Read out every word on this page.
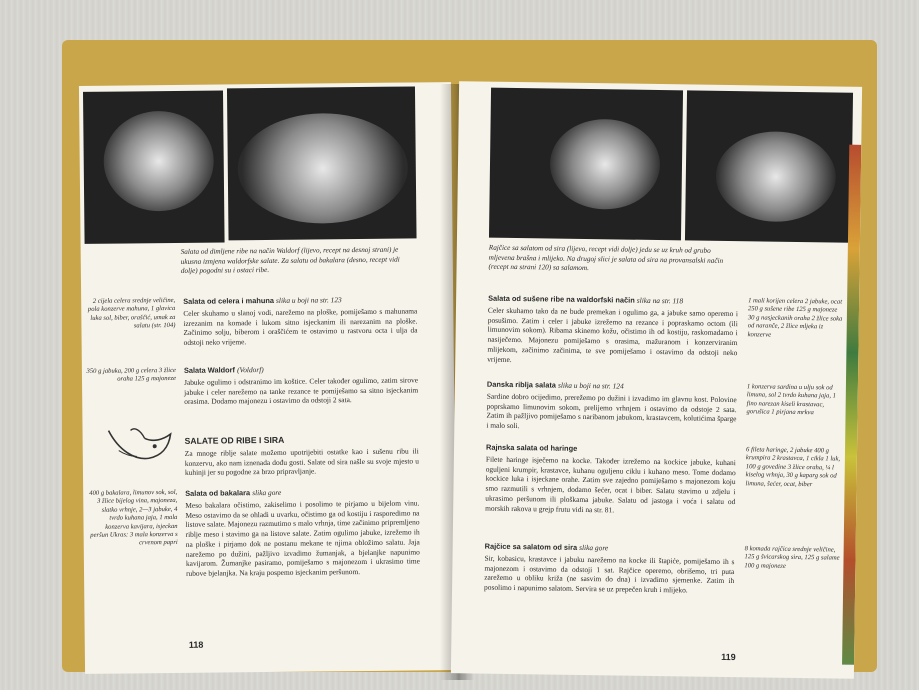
Salata od dimljene ribe na način Waldorf (lijevo, recept na desnoj strani) je ukusna izmjena waldorfske salate. Za salatu od bakalara (desno, recept vidi dolje) pogodni su i ostaci ribe.
2 cijela celera srednje veličine, pola konzerve mahuna, 1 glavica luka sol, biber, oraščić, umak za salatu (str. 104)
Salata od celera i mahuna slika u boji na str. 123
Celer skuhamo u slanoj vodi, narežemo na ploške, pomiješamo s mahunama izrezanim na komade i lukom sitno isjeckanim ili narezanim na ploške. Začinimo solju, biberom i oraščićem te ostavimo u rastvoru octa i ulja da odstoji neko vrijeme.
350 g jabuka, 200 g celera 3 žlice oraha 125 g majoneze
Salata Waldorf (Voldorf)
Jabuke ogulimo i odstranimo im koštice. Celer također ogulimo, zatim sirove jabuke i celer narežemo na tanke rezance te pomiješamo sa sitno isjeckanim orasima. Dodamo majonezu i ostavimo da odstoji 2 sata.
SALATE OD RIBE I SIRA
Za mnoge riblje salate možemo upotrijebiti ostatke kao i sušenu ribu ili konzervu, ako nam iznenada dođu gosti. Salate od sira našle su svoje mjesto u kuhinji jer su pogodne za brzo pripravljanje.
400 g bakalara, limunov sok, sol, 3 žlice bijelog vina, majoneza, slatko vrhnje, 2—3 jabuke, 4 tvrdo kuhana jaja, 1 mala konzerva kavijara, isjeckan peršun Ukras: 3 mala konzerva s crvenom papri
Salata od bakalara slika gore
Meso bakalara očistimo, zakiselimo i posolimo te pirjamo u bijelom vinu. Meso ostavimo da se ohladi u uvarku, očistimo ga od kostiju i rasporedimo na listove salate. Majonezu razmutimo s malo vrhnja, time začinimo pripremljeno riblje meso i stavimo ga na listove salate. Zatim ogulimo jabuke, izrežemo ih na ploške i pirjamo dok ne postanu mekane te njima obložimo salatu. Jaja narežemo po dužini, pažljivo izvadimo žumanjak, a bjelanjke napunimo kavijarom. Žumanjke pasiramo, pomiješamo s majonezom i ukrasimo time rubove bjelanjka. Na kraju pospemo isjeckanim peršunom.
118
Rajčice sa salatom od sira (lijevo, recept vidi dolje) jedu se uz kruh od grubo mljevena brašna i mlijeko. Na drugoj slici je salata od sira na provansalski način (recept na strani 120) sa salamom.
Salata od sušene ribe na waldorfski način slika na str. 118
Celer skuhamo tako da ne bude premekan i ogulimo ga, a jabuke samo operemo i posušimo. Zatim i celer i jabuke izrežemo na rezance i popraskamo octom (ili limunovim sokom). Ribama skinemo kožu, očistimo ih od kostiju, raskomadamo i nasiječemo. Majonezu pomiješamo s orasima, mažuranom i konzerviranim mlijekom, začinimo začinima, te sve pomiješamo i ostavimo da odstoji neko vrijeme.
1 mali korijen celera 2 jabuke, ocat 250 g sušene ribe 125 g majoneze 30 g nasjeckanih oraha 2 žlice soka od naranče, 2 žlice mljeka iz konzerve
Danska riblja salata slika u boji na str. 124
Sardine dobro ocijedimo, prerežemo po dužini i izvadimo im glavnu kost. Polovine poprskamo limunovim sokom, prelijemo vrhnjem i ostavimo da odstoje 2 sata. Zatim ih pažljivo pomiješamo s naribanom jabukom, krastavcem, kolutićima šparge i malo soli.
1 konzerva sardina u ulju sok od limuna, sol 2 tvrdo kuhana jaja, 1 fino narezan kiseli krastavac, gorušica 1 pirjana mrkva
Rajnska salata od haringe
Filete haringe isječemo na kocke. Također izrežemo na kockice jabuke, kuhani oguljeni krumpir, krastavce, kuhanu oguljenu ciklu i kuhano meso. Tome dodamo kockice luka i isjeckane orahe. Zatim sve zajedno pomiješamo s majonezom koju smo razmutili s vrhnjem, dodamo šećer, ocat i biber. Salatu stavimo u zdjelu i ukrasimo peršunom ili ploškama jabuke. Salatu od jastoga i voća i salatu od morskih rakova u grejp frutu vidi na str. 81.
6 fileta haringe, 2 jabuke 400 g krumpira 2 krastavca, 1 cikla 1 luk, 100 g govedine 3 žlice oraha, ¼ l kiselog vrhnja, 30 g kaparg sok od limuna, šećer, ocat, biber
Rajčice sa salatom od sira slika gore
Sir, kobasicu, krastavce i jabuku narežemo na kocke ili štapiće, pomiješamo ih s majonezom i ostavimo da odstoji 1 sat. Rajčice operemo, obrišemo, tri puta zarežemo u obliku križa (ne sasvim do dna) i izvadimo sjemenke. Zatim ih posolimo i napunimo salatom. Servira se uz prepečen kruh i mlijeko.
8 komada rajčica srednje veličine, 125 g švicarskog sira, 125 g salame 100 g majoneze
119
